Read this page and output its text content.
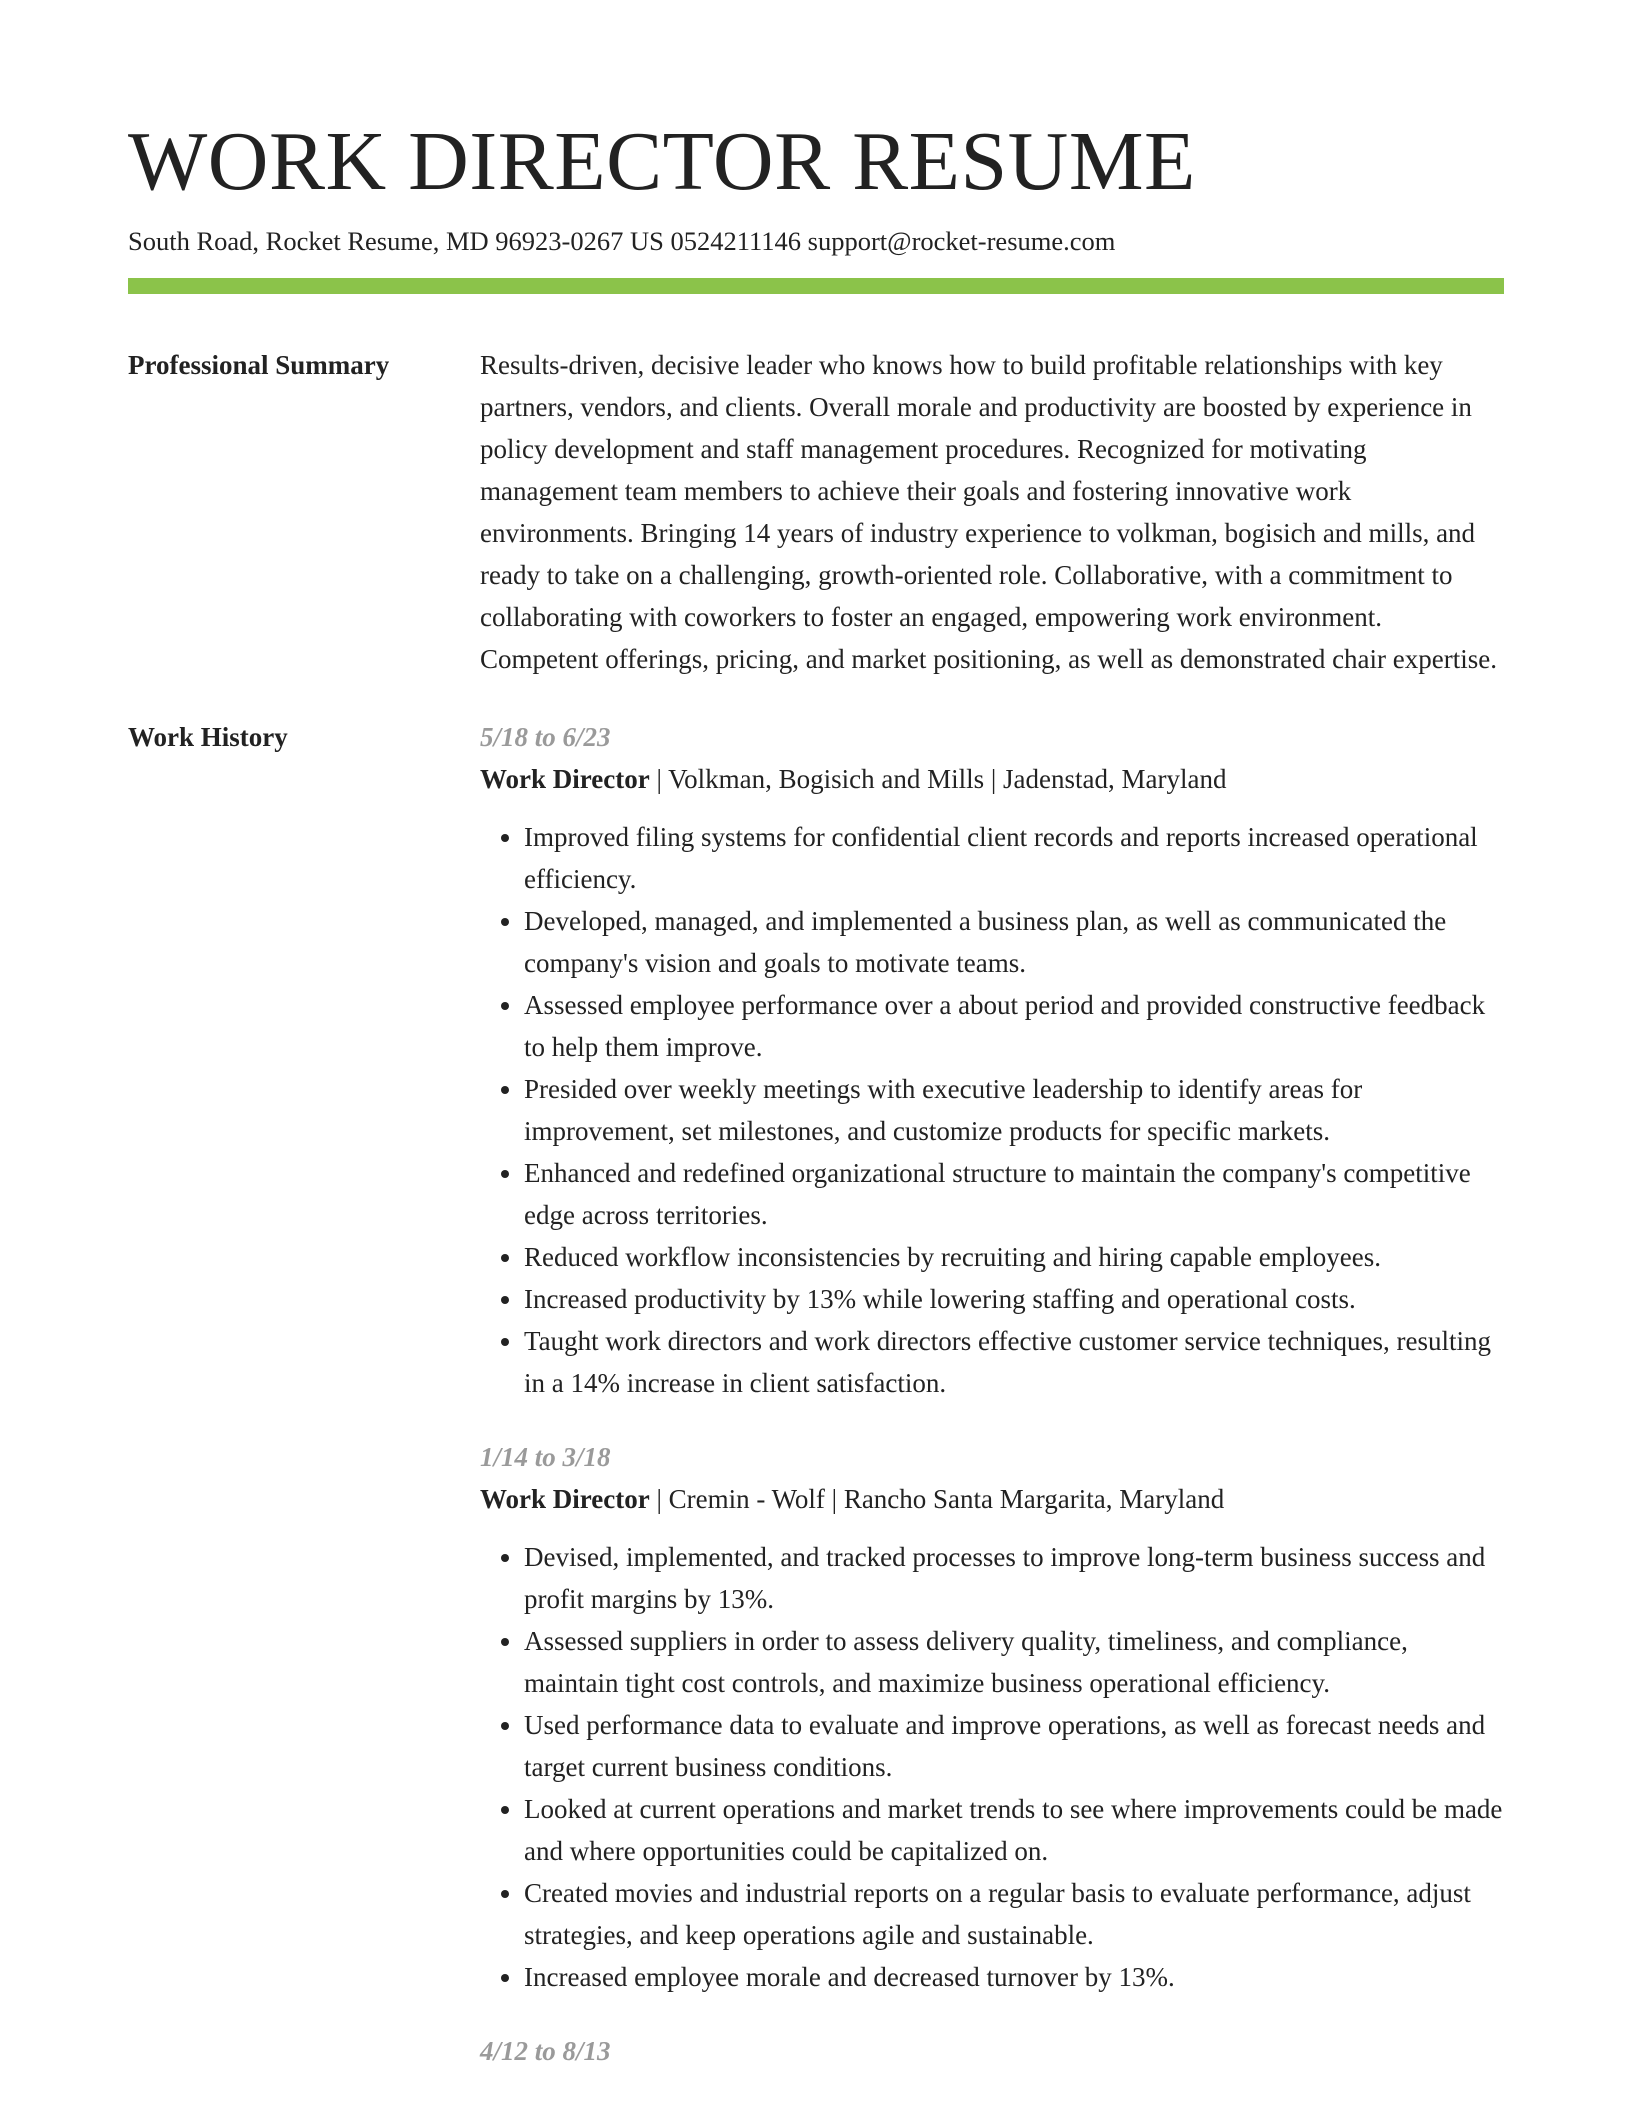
WORK DIRECTOR RESUME
South Road, Rocket Resume, MD 96923-0267 US 0524211146 support@rocket-resume.com
Professional Summary	Results-driven, decisive leader who knows how to build profitable relationships with key partners, vendors, and clients. Overall morale and productivity are boosted by experience in policy development and staff management procedures. Recognized for motivating management team members to achieve their goals and fostering innovative work environments. Bringing 14 years of industry experience to volkman, bogisich and mills, and ready to take on a challenging, growth-oriented role. Collaborative, with a commitment to collaborating with coworkers to foster an engaged, empowering work environment. Competent offerings, pricing, and market positioning, as well as demonstrated chair expertise.

Work History	5/18 to 6/23
Work Director | Volkman, Bogisich and Mills | Jadenstad, Maryland
• Improved filing systems for confidential client records and reports increased operational efficiency.
• Developed, managed, and implemented a business plan, as well as communicated the company's vision and goals to motivate teams.
• Assessed employee performance over a about period and provided constructive feedback to help them improve.
• Presided over weekly meetings with executive leadership to identify areas for improvement, set milestones, and customize products for specific markets.
• Enhanced and redefined organizational structure to maintain the company's competitive edge across territories.
• Reduced workflow inconsistencies by recruiting and hiring capable employees.
• Increased productivity by 13% while lowering staffing and operational costs.
• Taught work directors and work directors effective customer service techniques, resulting in a 14% increase in client satisfaction.
1/14 to 3/18
Work Director | Cremin - Wolf | Rancho Santa Margarita, Maryland
• Devised, implemented, and tracked processes to improve long-term business success and profit margins by 13%.
• Assessed suppliers in order to assess delivery quality, timeliness, and compliance, maintain tight cost controls, and maximize business operational efficiency.
• Used performance data to evaluate and improve operations, as well as forecast needs and target current business conditions.
• Looked at current operations and market trends to see where improvements could be made and where opportunities could be capitalized on.
• Created movies and industrial reports on a regular basis to evaluate performance, adjust strategies, and keep operations agile and sustainable.
• Increased employee morale and decreased turnover by 13%.
4/12 to 8/13
